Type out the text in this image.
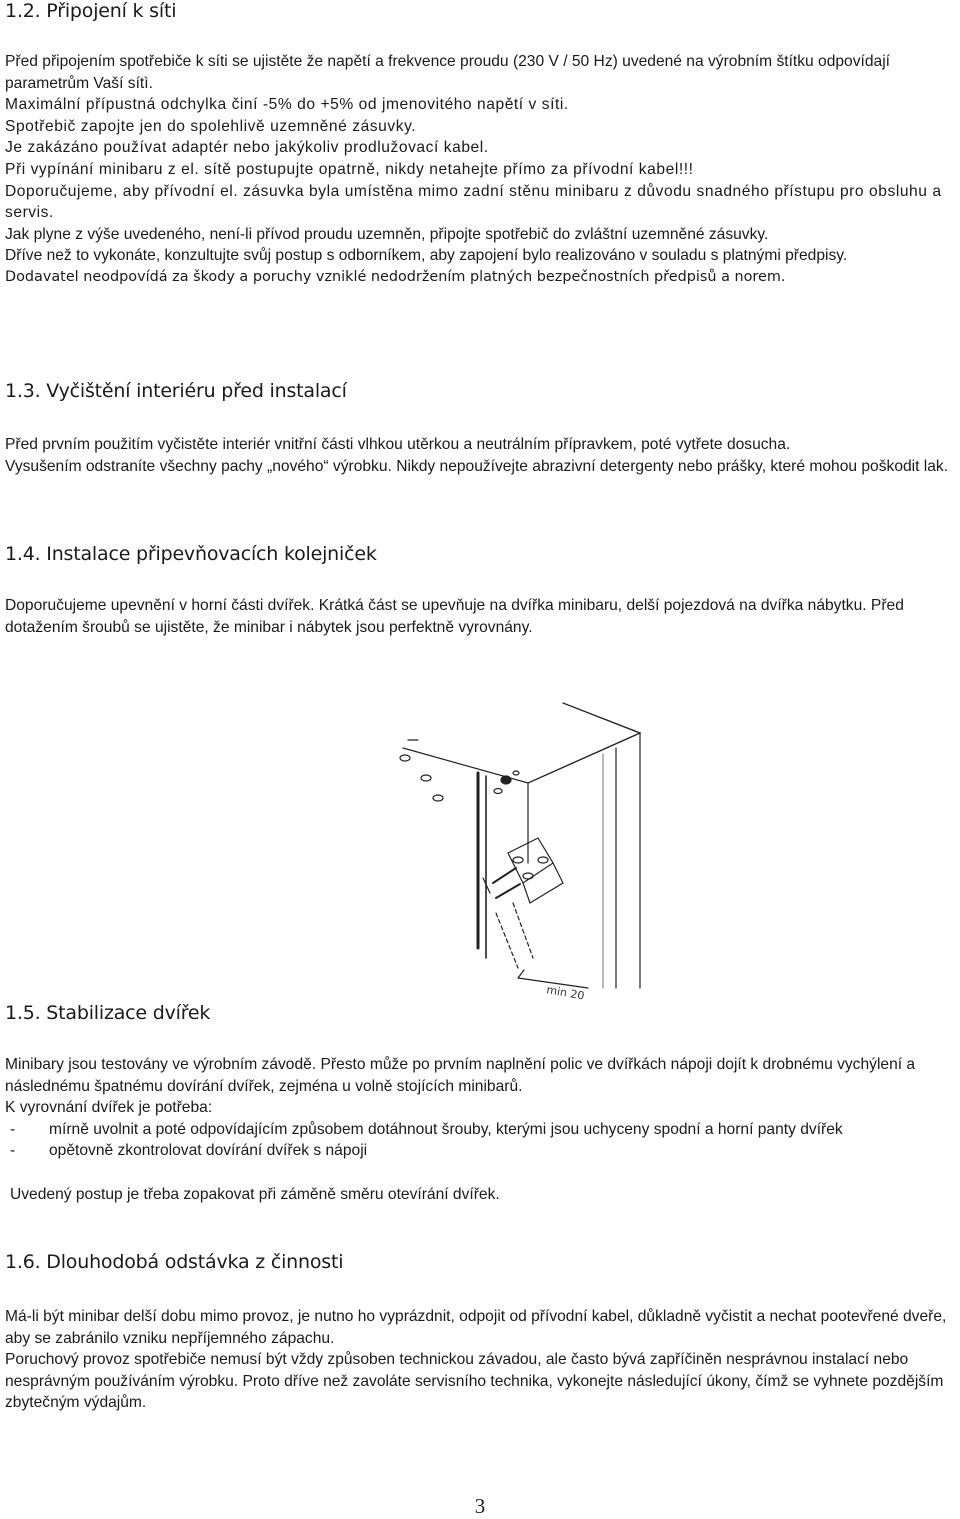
1.2. Připojení k síti

Před připojením spotřebiče k síti se ujistěte že napětí a frekvence proudu (230 V / 50 Hz) uvedené na výrobním štítku odpovídají parametrům Vaší sítì.

Maximální přípustná odchylka činí -5% do +5% od jmenovitého napětí v síti.

Spotřebič zapojte jen do spolehlivě uzemněné zásuvky.

Je zakázáno používat adaptér nebo jakýkoliv prodlužovací kabel.

Při vypínání minibaru z el. sítě postupujte opatrně, nikdy netahejte přímo za přívodní kabel!!!

Doporučujeme, aby přívodní el. zásuvka byla umístěna mimo zadní stěnu minibaru z důvodu snadného přístupu pro obsluhu a servis.

Jak plyne z výše uvedeného, není-li přívod proudu uzemněn, připojte spotřebič do zvláštní uzemněné zásuvky.

Dříve než to vykonáte, konzultujte svůj postup s odborníkem, aby zapojení bylo realizováno v souladu s platnými předpisy.

Dodavatel neodpovídá za škody a poruchy vzniklé nedodržením platných bezpečnostních předpisů a norem.

1.3. Vyčištění interiéru před instalací

Před prvním použitím vyčistěte interiér vnitřní části vlhkou utěrkou a neutrálním přípravkem, poté vytřete dosucha.

Vysušením odstraníte všechny pachy „nového“ výrobku. Nikdy nepoužívejte abrazivní detergenty nebo prášky, které mohou poškodit lak.

1.4. Instalace připevňovacích kolejniček

Doporučujeme upevnění v horní části dvířek. Krátká část se upevňuje na dvířka minibaru, delší pojezdová na dvířka nábytku. Před dotažením šroubů se ujistěte, že minibar i nábytek jsou perfektně vyrovnány.

min 20
1.5. Stabilizace dvířek

Minibary jsou testovány ve výrobním závodě. Přesto může po prvním naplnění polic ve dvířkách nápoji dojít k drobnému vychýlení a následnému špatnému dovírání dvířek, zejména u volně stojících minibarů.

K vyrovnání dvířek je potřeba:

- mírně uvolnit a poté odpovídajícím způsobem dotáhnout šrouby, kterými jsou uchyceny spodní a horní panty dvířek
- opětovně zkontrolovat dovírání dvířek s nápoji

Uvedený postup je třeba zopakovat při záměně směru otevírání dvířek.

1.6. Dlouhodobá odstávka z činnosti

Má-li být minibar delší dobu mimo provoz, je nutno ho vyprázdnit, odpojit od přívodní kabel, důkladně vyčistit a nechat pootevřené dveře, aby se zabránilo vzniku nepříjemného zápachu.

Poruchový provoz spotřebiče nemusí být vždy způsoben technickou závadou, ale často bývá zapříčiněn nesprávnou instalací nebo nesprávným používáním výrobku. Proto dříve než zavoláte servisního technika, vykonejte následující úkony, čímž se vyhnete pozdějším zbytečným výdajům.

3
